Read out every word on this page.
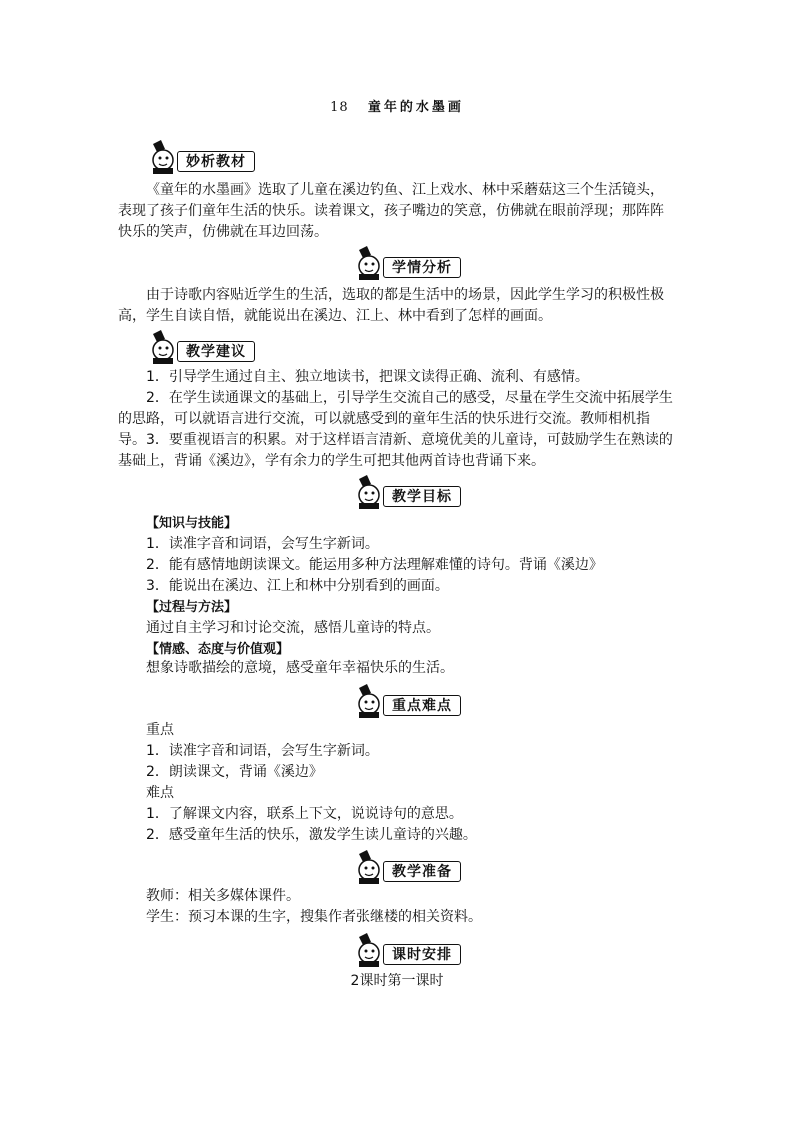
18 童年的水墨画
妙析教材

《童年的水墨画》选取了儿童在溪边钓鱼、江上戏水、林中采蘑菇这三个生活镜头，表现了孩子们童年生活的快乐。读着课文，孩子嘴边的笑意，仿佛就在眼前浮现；那阵阵快乐的笑声，仿佛就在耳边回荡。

学情分析

由于诗歌内容贴近学生的生活，选取的都是生活中的场景，因此学生学习的积极性极高，学生自读自悟，就能说出在溪边、江上、林中看到了怎样的画面。

教学建议

1．引导学生通过自主、独立地读书，把课文读得正确、流利、有感情。

2．在学生读通课文的基础上，引导学生交流自己的感受，尽量在学生交流中拓展学生的思路，可以就语言进行交流，可以就感受到的童年生活的快乐进行交流。教师相机指导。 3．要重视语言的积累。对于这样语言清新、意境优美的儿童诗，可鼓励学生在熟读的基础上，背诵《溪边》，学有余力的学生可把其他两首诗也背诵下来。

教学目标

【知识与技能】

1．读准字音和词语，会写生字新词。

2．能有感情地朗读课文。能运用多种方法理解难懂的诗句。背诵《溪边》

3．能说出在溪边、江上和林中分别看到的画面。

【过程与方法】

通过自主学习和讨论交流，感悟儿童诗的特点。

【情感、态度与价值观】

想象诗歌描绘的意境，感受童年幸福快乐的生活。

重点难点

重点

1．读准字音和词语，会写生字新词。

2．朗读课文，背诵《溪边》

难点

1．了解课文内容，联系上下文，说说诗句的意思。

2．感受童年生活的快乐，激发学生读儿童诗的兴趣。

教学准备

教师：相关多媒体课件。

学生：预习本课的生字，搜集作者张继楼的相关资料。

课时安排

2课时第一课时
